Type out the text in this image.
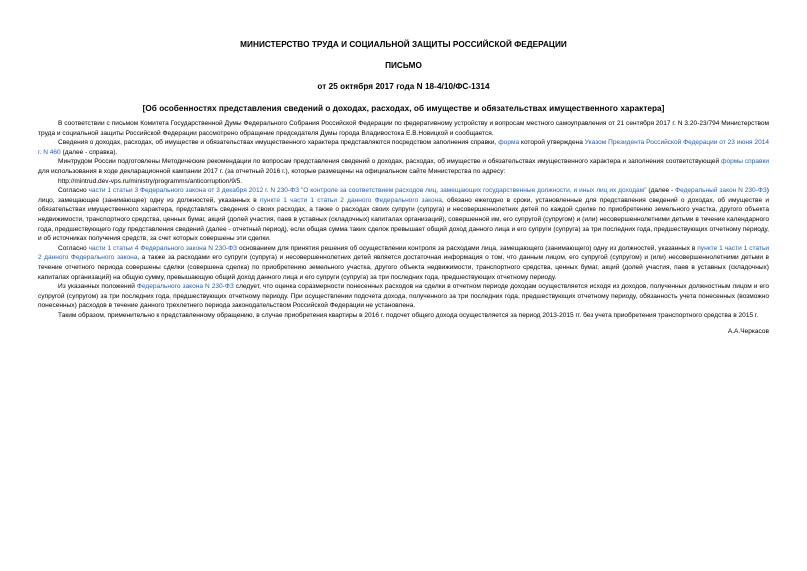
МИНИСТЕРСТВО ТРУДА И СОЦИАЛЬНОЙ ЗАЩИТЫ РОССИЙСКОЙ ФЕДЕРАЦИИ
ПИСЬМО
от 25 октября 2017 года N 18-4/10/ФС-1314
[Об особенностях представления сведений о доходах, расходах, об имуществе и обязательствах имущественного характера]

В соответствии с письмом Комитета Государственной Думы Федерального Собрания Российской Федерации по федеративному устройству и вопросам местного самоуправления от 21 сентября 2017 г. N 3.20-23/794 Министерством труда и социальной защиты Российской Федерации рассмотрено обращение председателя Думы города Владивостока Е.В.Новицкой и сообщается.

Сведения о доходах, расходах, об имуществе и обязательствах имущественного характера представляются посредством заполнения справки, форма которой утверждена Указом Президента Российской Федерации от 23 июня 2014 г. N 460 (далее - справка).

Минтрудом России подготовлены Методические рекомендации по вопросам представления сведений о доходах, расходах, об имуществе и обязательствах имущественного характера и заполнения соответствующей формы справки для использования в ходе декларационной кампании 2017 г. (за отчетный 2016 г.), которые размещены на официальном сайте Министерства по адресу:

http://mintrud.dev-vps.ru/ministry/programms/anticorruption/9/5.

Согласно части 1 статьи 3 Федерального закона от 3 декабря 2012 г. N 230-ФЗ "О контроле за соответствием расходов лиц, замещающих государственные должности, и иных лиц их доходам" (далее - Федеральный закон N 230-ФЗ) лицо, замещающее (занимающее) одну из должностей, указанных в пункте 1 части 1 статьи 2 данного Федерального закона, обязано ежегодно в сроки, установленные для представления сведений о доходах, об имуществе и обязательствах имущественного характера, представлять сведения о своих расходах, а также о расходах своих супруги (супруга) и несовершеннолетних детей по каждой сделке по приобретению земельного участка, другого объекта недвижимости, транспортного средства, ценных бумаг, акций (долей участия, паев в уставных (складочных) капиталах организаций), совершенной им, его супругой (супругом) и (или) несовершеннолетними детьми в течение календарного года, предшествующего году представления сведений (далее - отчетный период), если общая сумма таких сделок превышает общий доход данного лица и его супруги (супруга) за три последних года, предшествующих отчетному периоду, и об источниках получения средств, за счет которых совершены эти сделки.

Согласно части 1 статьи 4 Федерального закона N 230-ФЗ основанием для принятия решения об осуществлении контроля за расходами лица, замещающего (занимающего) одну из должностей, указанных в пункте 1 части 1 статьи 2 данного Федерального закона, а также за расходами его супруги (супруга) и несовершеннолетних детей является достаточная информация о том, что данным лицом, его супругой (супругом) и (или) несовершеннолетними детьми в течение отчетного периода совершены сделки (совершена сделка) по приобретению земельного участка, другого объекта недвижимости, транспортного средства, ценных бумаг, акций (долей участия, паев в уставных (складочных) капиталах организаций) на общую сумму, превышающую общий доход данного лица и его супруги (супруга) за три последних года, предшествующих отчетному периоду.

Из указанных положений Федерального закона N 230-ФЗ следует, что оценка соразмерности понесенных расходов на сделки в отчетном периоде доходам осуществляется исходя из доходов, полученных должностным лицом и его супругой (супругом) за три последних года, предшествующих отчетному периоду. При осуществлении подсчета дохода, полученного за три последних года, предшествующих отчетному периоду, обязанность учета понесенных (возможно понесенных) расходов в течение данного трехлетнего периода законодательством Российской Федерации не установлена.

Таким образом, применительно к представленному обращению, в случае приобретения квартиры в 2016 г. подсчет общего дохода осуществляется за период 2013-2015 гг. без учета приобретения транспортного средства в 2015 г.

А.А.Черкасов
